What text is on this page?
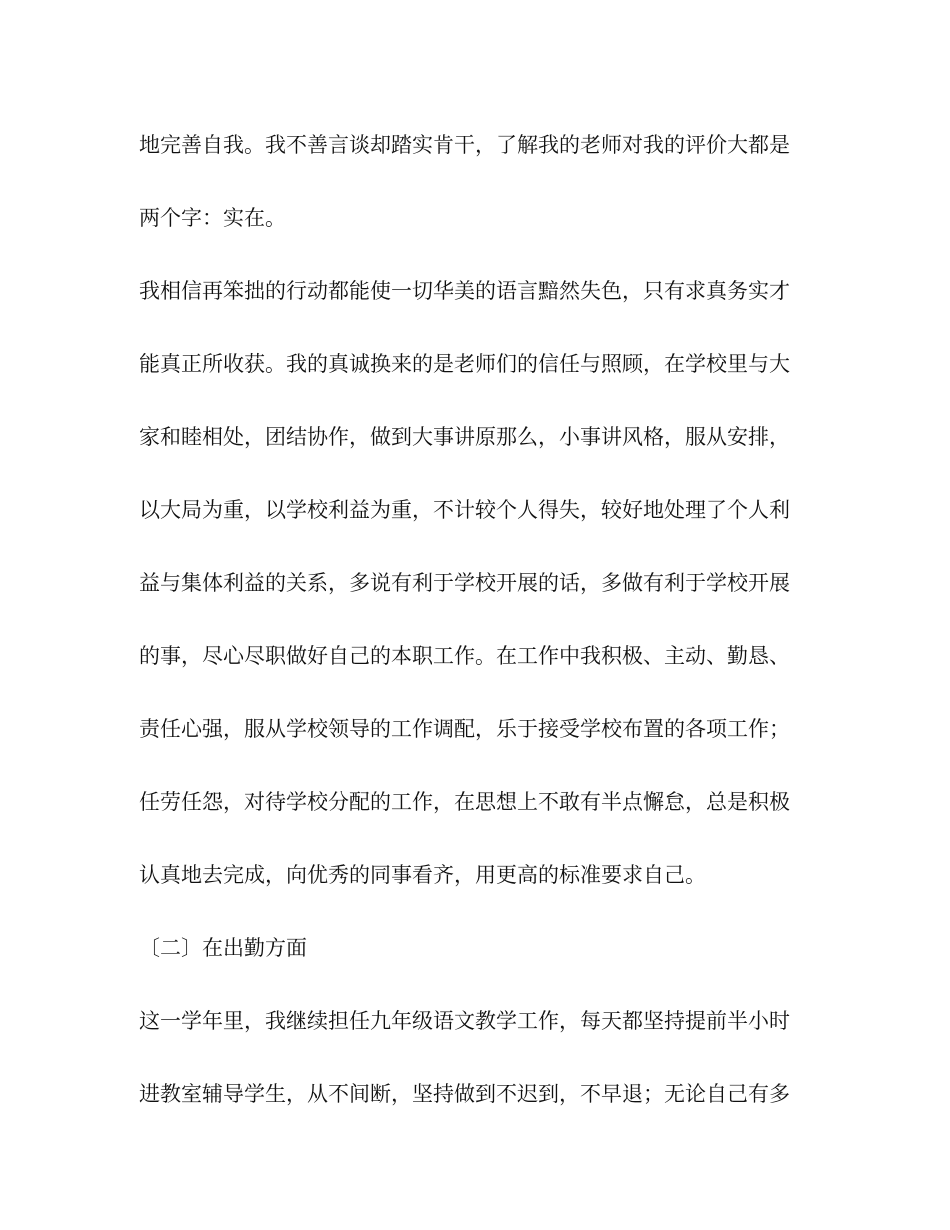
地完善自我。我不善言谈却踏实肯干，了解我的老师对我的评价大都是
两个字：实在。
我相信再笨拙的行动都能使一切华美的语言黯然失色，只有求真务实才
能真正所收获。我的真诚换来的是老师们的信任与照顾，在学校里与大
家和睦相处，团结协作，做到大事讲原那么，小事讲风格，服从安排，
以大局为重，以学校利益为重，不计较个人得失，较好地处理了个人利
益与集体利益的关系，多说有利于学校开展的话，多做有利于学校开展
的事，尽心尽职做好自己的本职工作。在工作中我积极、主动、勤恳、
责任心强，服从学校领导的工作调配，乐于接受学校布置的各项工作；
任劳任怨，对待学校分配的工作，在思想上不敢有半点懈怠，总是积极
认真地去完成，向优秀的同事看齐，用更高的标准要求自己。
〔二〕在出勤方面
这一学年里，我继续担任九年级语文教学工作，每天都坚持提前半小时
进教室辅导学生，从不间断，坚持做到不迟到，不早退；无论自己有多
